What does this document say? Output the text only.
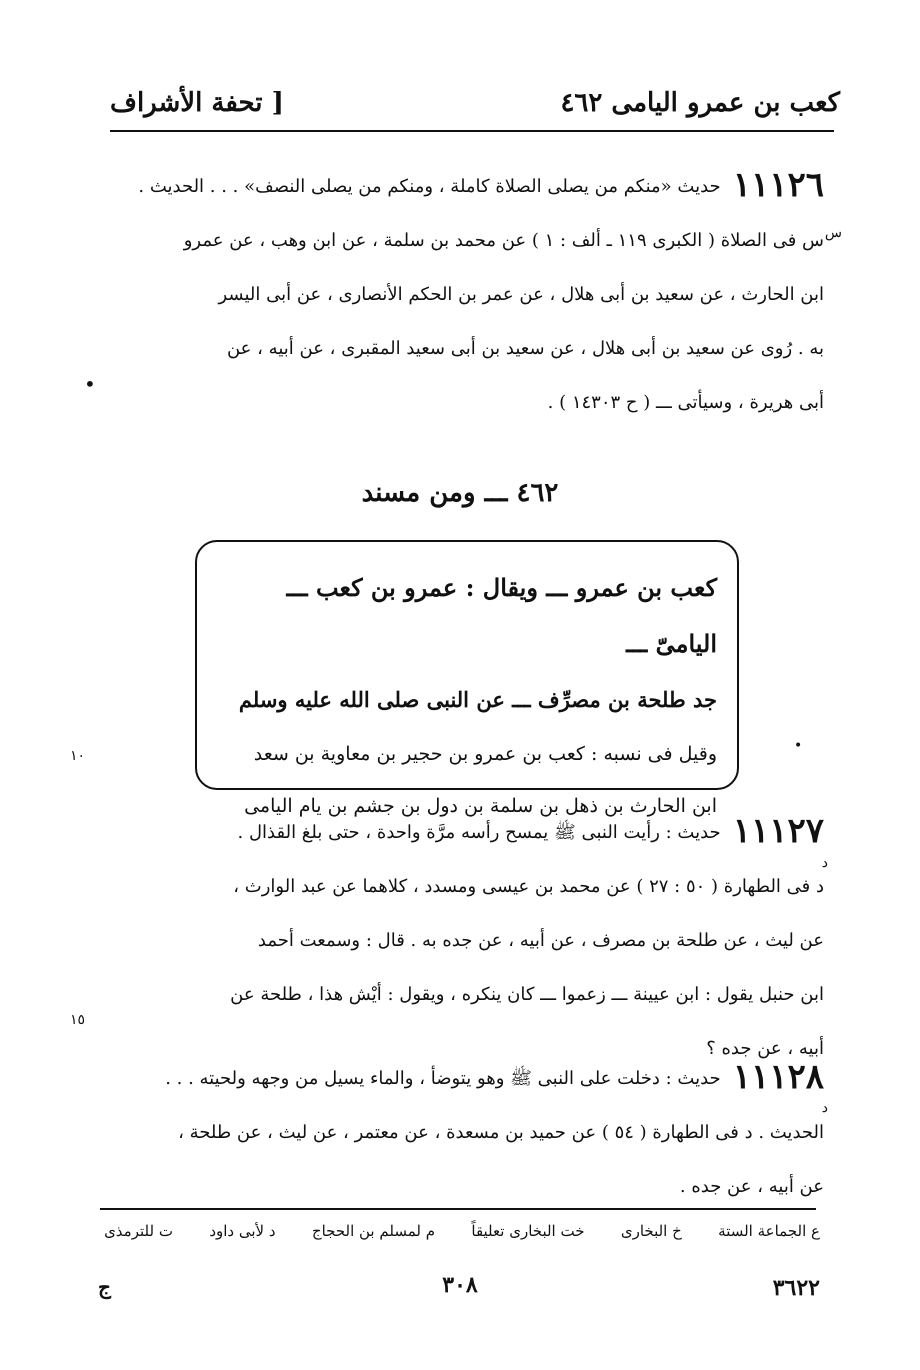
كعب بن عمرو اليامى ٤٦٢
[ تحفة الأشراف
س
١١١٢٦
حديث «منكم من يصلى الصلاة كاملة ، ومنكم من يصلى النصف» . . . الحديث .
س فى الصلاة ( الكبرى ١١٩ ـ ألف : ١ ) عن محمد بن سلمة ، عن ابن وهب ، عن عمرو
ابن الحارث ، عن سعيد بن أبى هلال ، عن عمر بن الحكم الأنصارى ، عن أبى اليسر
به . رُوى عن سعيد بن أبى هلال ، عن سعيد بن أبى سعيد المقبرى ، عن أبيه ، عن
أبى هريرة ، وسيأتى ـــ ( ح ١٤٣٠٣ ) .
•
٤٦٢ ـــ ومن مسند
كعب بن عمرو ـــ ويقال : عمرو بن كعب ـــ اليامىّ ـــ
جد طلحة بن مصرِّف ـــ عن النبى صلى الله عليه وسلم
وقيل فى نسبه : كعب بن عمرو بن حجير بن معاوية بن سعد
ابن الحارث بن ذهل بن سلمة بن دول بن جشم بن يام اليامى
١٠
•
د
١١١٢٧
حديث : رأيت النبى ﷺ يمسح رأسه مرَّة واحدة ، حتى بلغ القذال .
د فى الطهارة ( ٥٠ : ٢٧ ) عن محمد بن عيسى ومسدد ، كلاهما عن عبد الوارث ،
عن ليث ، عن طلحة بن مصرف ، عن أبيه ، عن جده به . قال : وسمعت أحمد
ابن حنبل يقول : ابن عيينة ـــ زعموا ـــ كان ينكره ، ويقول : أيْش هذا ، طلحة عن
أبيه ، عن جده ؟
١٥
د
١١١٢٨
حديث : دخلت على النبى ﷺ وهو يتوضأ ، والماء يسيل من وجهه ولحيته . . .
الحديث . د فى الطهارة ( ٥٤ ) عن حميد بن مسعدة ، عن معتمر ، عن ليث ، عن طلحة ،
عن أبيه ، عن جده .
ع الجماعة الستة
خ البخارى
خت البخارى تعليقاً
م لمسلم بن الحجاج
د لأبى داود
ت للترمذى
ج	٣٠٨	٣٦٢٢
